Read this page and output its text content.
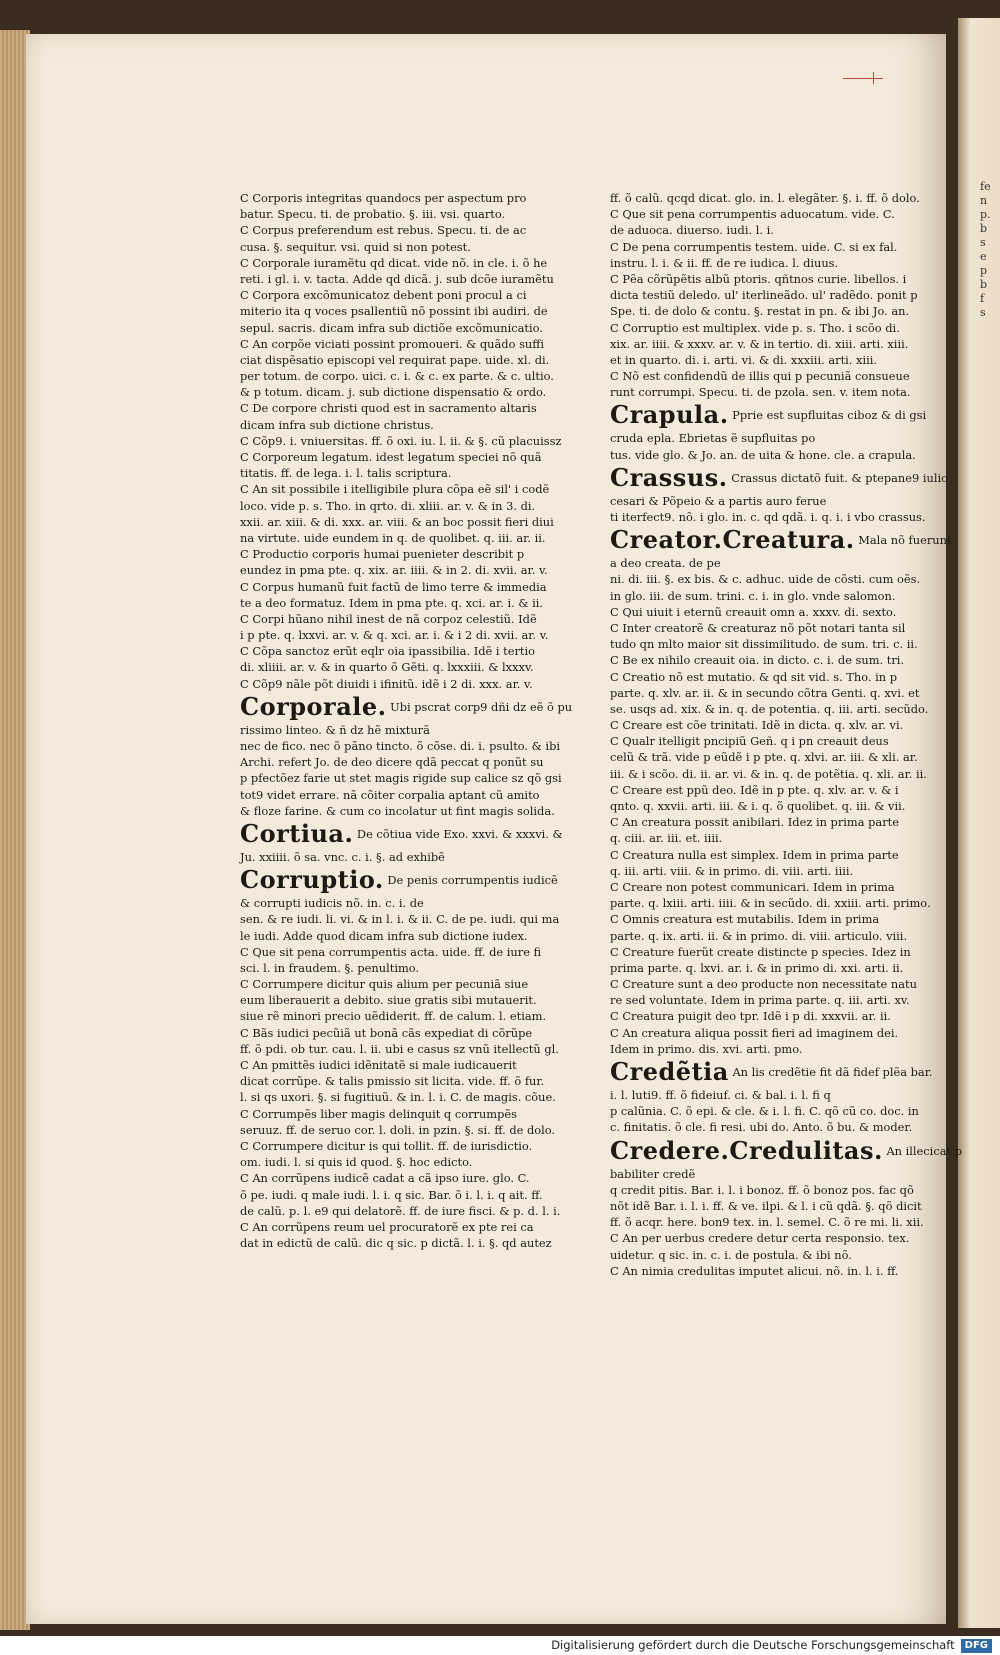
fe
n
p.
b
s
e
p
b
f
s
C Corporis integritas quandocs per aspectum pro
batur. Specu. ti. de probatio. §. iii. vsi. quarto.
C Corpus preferendum est rebus. Specu. ti. de ac
cusa. §. sequitur. vsi. quid si non potest.
C Corporale iuramẽtu qd dicat. vide nõ. in cle. i. õ he
reti. i gl. i. v. tacta. Adde qd dicã. j. sub dcõe iuramẽtu
C Corpora excõmunicatoz debent poni procul a ci
miterio ita q voces psallentiũ nõ possint ibi audiri. de
sepul. sacris. dicam infra sub dictiõe excõmunicatio.
C An corpõe viciati possint promoueri. & quãdo suffi
ciat dispẽsatio episcopi vel requirat pape. uide. xl. di.
per totum. de corpo. uici. c. i. & c. ex parte. & c. ultio.
& p totum. dicam. j. sub dictione dispensatio & ordo.
C De corpore christi quod est in sacramento altaris
dicam infra sub dictione christus.
C Cõp9. i. vniuersitas. ff. õ oxi. iu. l. ii. & §. cũ placuissz
C Corporeum legatum. idest legatum speciei nõ quã
titatis. ff. de lega. i. l. talis scriptura.
C An sit possibile i itelligibile plura cõpa eẽ sil' i codẽ
loco. vide p. s. Tho. in qrto. di. xliii. ar. v. & in 3. di.
xxii. ar. xiii. & di. xxx. ar. viii. & an boc possit fieri diui
na virtute. uide eundem in q. de quolibet. q. iii. ar. ii.
C Productio corporis humai puenieter describit p
eundez in pma pte. q. xix. ar. iiii. & in 2. di. xvii. ar. v.
C Corpus humanũ fuit factũ de limo terre & immedia
te a deo formatuz. Idem in pma pte. q. xci. ar. i. & ii.
C Corpi hũano nihil inest de nã corpoz celestiũ. Idẽ
i p pte. q. lxxvi. ar. v. & q. xci. ar. i. & i 2 di. xvii. ar. v.
C Cõpa sanctoz erũt eqlr oia ipassibilia. Idẽ i tertio
di. xliiii. ar. v. & in quarto õ Gẽti. q. lxxxiii. & lxxxv.
C Cõp9 nãle põt diuidi i ifinitũ. idẽ i 2 di. xxx. ar. v.
Corporale. $^{Ubi pscrat corp9 dñi dz eẽ õ pu}$
rissimo linteo. & ñ dz hẽ mixturã
nec de fico. nec õ pãno tincto. õ cõse. di. i. psulto. & ibi
Archi. refert Jo. de deo dicere qdã peccat q ponũt su
p pfectõez farie ut stet magis rigide sup calice sz qõ gsi
tot9 videt errare. nã cõiter corpalia aptant cũ amito
& floze farine. & cum co incolatur ut fint magis solida.
Cortiua. $^{De cõtiua vide Exo. xxvi. \& xxxvi. \&}$
Ju. xxiiii. õ sa. vnc. c. i. §. ad exhibẽ
Corruptio. $^{De penis corrumpentis iudicẽ}$
& corrupti iudicis nõ. in. c. i. de
sen. & re iudi. li. vi. & in l. i. & ii. C. de pe. iudi. qui ma
le iudi. Adde quod dicam infra sub dictione iudex.
C Que sit pena corrumpentis acta. uide. ff. de iure fi
sci. l. in fraudem. §. penultimo.
C Corrumpere dicitur quis alium per pecuniã siue
eum liberauerit a debito. siue gratis sibi mutauerit.
siue rẽ minori precio uẽdiderit. ff. de calum. l. etiam.
C Bãs iudici pecũiã ut bonã cãs expediat di cõrũpe
ff. õ pdi. ob tur. cau. l. ii. ubi e casus sz vnũ itellectũ gl.
C An pmittẽs iudici idẽnitatẽ si male iudicauerit
dicat corrũpe. & talis pmissio sit licita. vide. ff. õ fur.
l. si qs uxori. §. si fugitiuũ. & in. l. i. C. de magis. cõue.
C Corrumpẽs liber magis delinquit q corrumpẽs
seruuz. ff. de seruo cor. l. doli. in pzin. §. si. ff. de dolo.
C Corrumpere dicitur is qui tollit. ff. de iurisdictio.
om. iudi. l. si quis id quod. §. hoc edicto.
C An corrũpens iudicẽ cadat a cã ipso iure. glo. C.
õ pe. iudi. q male iudi. l. i. q sic. Bar. õ i. l. i. q ait. ff.
de calũ. p. l. e9 qui delatorẽ. ff. de iure fisci. & p. d. l. i.
C An corrũpens reum uel procuratorẽ ex pte rei ca
dat in edictũ de calũ. dic q sic. p dictã. l. i. §. qd autez
ff. õ calũ. qcqd dicat. glo. in. l. elegãter. §. i. ff. õ dolo.
C Que sit pena corrumpentis aduocatum. vide. C.
de aduoca. diuerso. iudi. l. i.
C De pena corrumpentis testem. uide. C. si ex fal.
instru. l. i. & ii. ff. de re iudica. l. diuus.
C Pẽa cõrũpẽtis albũ ptoris. qñtnos curie. libellos. i
dicta testiũ deledo. ul' iterlineãdo. ul' radẽdo. ponit p
Spe. ti. de dolo & contu. §. restat in pn. & ibi Jo. an.
C Corruptio est multiplex. vide p. s. Tho. i scõo di.
xix. ar. iiii. & xxxv. ar. v. & in tertio. di. xiii. arti. xiii.
et in quarto. di. i. arti. vi. & di. xxxiii. arti. xiii.
C Nõ est confidendũ de illis qui p pecuniã consueue
runt corrumpi. Specu. ti. de pzola. sen. v. item nota.
Crapula. $^{Pprie est supfluitas ciboz \& di gsi}$
cruda epla. Ebrietas ẽ supfluitas po
tus. vide glo. & Jo. an. de uita & hone. cle. a crapula.
Crassus. $^{Crassus dictatõ fuit. \& ptepane9 iulio}$
cesari & Põpeio & a partis auro ferue
ti iterfect9. nõ. i glo. in. c. qd qdã. i. q. i. i vbo crassus.
Creator.Creatura. $^{Mala nõ fuerunt}$
a deo creata. de pe
ni. di. iii. §. ex bis. & c. adhuc. uide de cõsti. cum oẽs.
in glo. iii. de sum. trini. c. i. in glo. vnde salomon.
C Qui uiuit i eternũ creauit omn a. xxxv. di. sexto.
C Inter creatorẽ & creaturaz nõ põt notari tanta sil
tudo qn mlto maior sit dissimilitudo. de sum. tri. c. ii.
C Be ex nihilo creauit oia. in dicto. c. i. de sum. tri.
C Creatio nõ est mutatio. & qd sit vid. s. Tho. in p
parte. q. xlv. ar. ii. & in secundo cõtra Genti. q. xvi. et
se. usqs ad. xix. & in. q. de potentia. q. iii. arti. secũdo.
C Creare est cõe trinitati. Idẽ in dicta. q. xlv. ar. vi.
C Qualr itelligit pncipiũ Geñ. q i pn creauit deus
celũ & trã. vide p eũdẽ i p pte. q. xlvi. ar. iii. & xli. ar.
iii. & i scõo. di. ii. ar. vi. & in. q. de potẽtia. q. xli. ar. ii.
C Creare est ppũ deo. Idẽ in p pte. q. xlv. ar. v. & i
qnto. q. xxvii. arti. iii. & i. q. õ quolibet. q. iii. & vii.
C An creatura possit anibilari. Idez in prima parte
q. ciii. ar. iii. et. iiii.
C Creatura nulla est simplex. Idem in prima parte
q. iii. arti. viii. & in primo. di. viii. arti. iiii.
C Creare non potest communicari. Idem in prima
parte. q. lxiii. arti. iiii. & in secũdo. di. xxiii. arti. primo.
C Omnis creatura est mutabilis. Idem in prima
parte. q. ix. arti. ii. & in primo. di. viii. articulo. viii.
C Creature fuerũt create distincte p species. Idez in
prima parte. q. lxvi. ar. i. & in primo di. xxi. arti. ii.
C Creature sunt a deo producte non necessitate natu
re sed voluntate. Idem in prima parte. q. iii. arti. xv.
C Creatura puigit deo tpr. Idẽ i p di. xxxvii. ar. ii.
C An creatura aliqua possit fieri ad imaginem dei.
Idem in primo. dis. xvi. arti. pmo.
Credẽtia $^{An lis credẽtie fit dã fidef plẽa bar.}$
i. l. luti9. ff. õ fideiuf. ci. & bal. i. l. fi q
p calũnia. C. õ epi. & cle. & i. l. fi. C. qõ cũ co. doc. in
c. finitatis. õ cle. fi resi. ubi do. Anto. õ bu. & moder.
Credere.Credulitas. $^{An illecicat p}$
babiliter credẽ
q credit pitis. Bar. i. l. i bonoz. ff. õ bonoz pos. fac qõ
nõt idẽ Bar. i. l. i. ff. & ve. ilpi. & l. i cũ qdã. §. qõ dicit
ff. õ acqr. here. bon9 tex. in. l. semel. C. õ re mi. li. xii.
C An per uerbus credere detur certa responsio. tex.
uidetur. q sic. in. c. i. de postula. & ibi nõ.
C An nimia credulitas imputet alicui. nõ. in. l. i. ff.
Digitalisierung gefördert durch die Deutsche Forschungsgemeinschaft DFG
